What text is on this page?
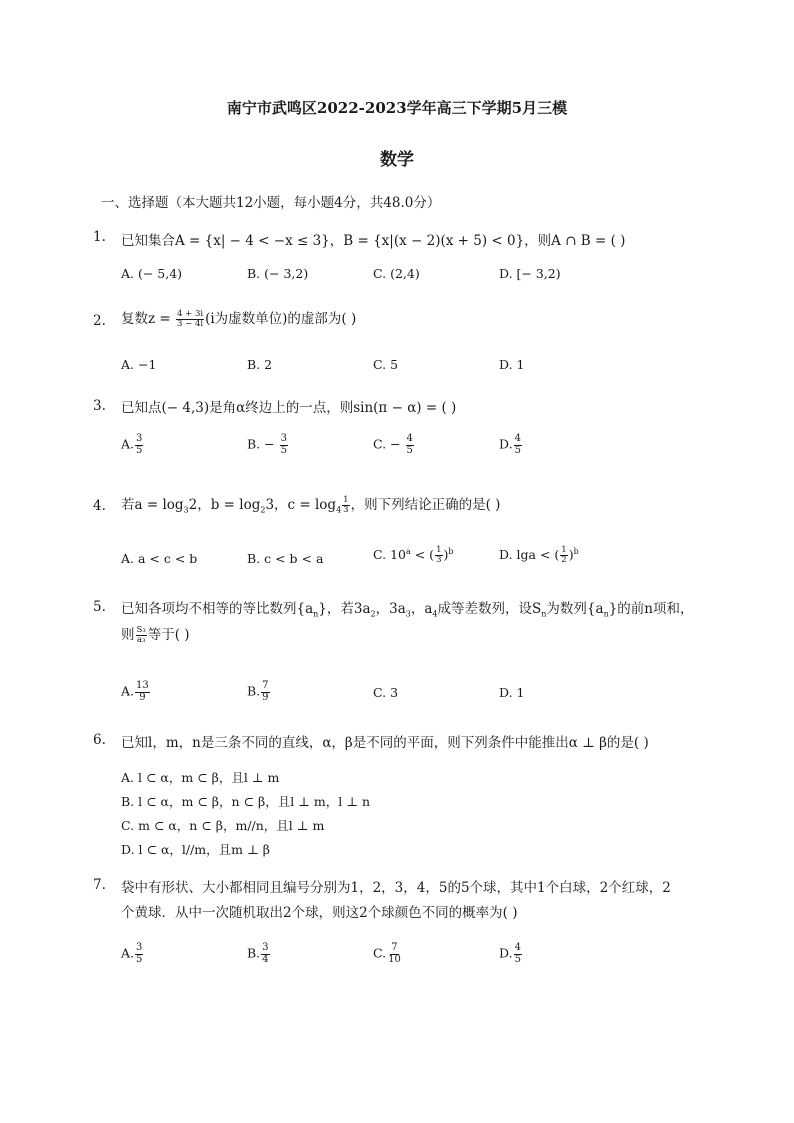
南宁市武鸣区2022-2023学年高三下学期5月三模
数学
一、选择题（本大题共12小题，每小题4分，共48.0分）
1. 已知集合A = {x| − 4 < −x ≤ 3}，B = {x|(x − 2)(x + 5) < 0}，则A ∩ B = ( )
A. (− 5,4)	B. (− 3,2)	C. (2,4)	D. [− 3,2)
2. 复数$z = \frac{4 + 3i}{3 - 4i} (i$为虚数单位)的虚部为( )
A. −1	B. 2	C. 5	D. 1
3. 已知点(− 4,3)是角α终边上的一点，则sin(π − α) = ( )
A. $\frac{3}{5}$	B. − $\frac{3}{5}$	C. − $\frac{4}{5}$	D. $\frac{4}{5}$
4. 若$a = \log_32$，$b = \log_23$，$c = \log_4 \frac{1}{3}$ ，则下列结论正确的是( )
A. a < c < b	B. c < b < a	C. $10^a$ < ( $\frac{1}{3} )^b$	D. lga < ( $\frac{1}{2} )^b$
5. 已知各项均不相等的等比数列$\{a_n\}$，若$3a_2$，$3a_3$，$a_4$成等差数列，设$S_n$为数列$\{a_n\}$的前n项和，
则 $\frac{\text{S₃}}{\text{a₃}}$ 等于( )
A. $\frac{13}{9}$	B. $\frac{7}{9}$	C. 3	D. 1
6. 已知l，m，n是三条不同的直线，α，β是不同的平面，则下列条件中能推出α ⊥ β的是( )
A. l ⊂ α，m ⊂ β，且l ⊥ m
B. l ⊂ α，m ⊂ β，n ⊂ β，且l ⊥ m，l ⊥ n
C. m ⊂ α，n ⊂ β，m//n，且l ⊥ m
D. l ⊂ α，l//m，且m ⊥ β
7. 袋中有形状、大小都相同且编号分别为1，2，3，4，5的5个球，其中1个白球，2个红球，2
个黄球．从中一次随机取出2个球，则这2个球颜色不同的概率为( )
A. $\frac{3}{5}$	B. $\frac{3}{4}$	C. $\frac{7}{10}$	D. $\frac{4}{5}$
